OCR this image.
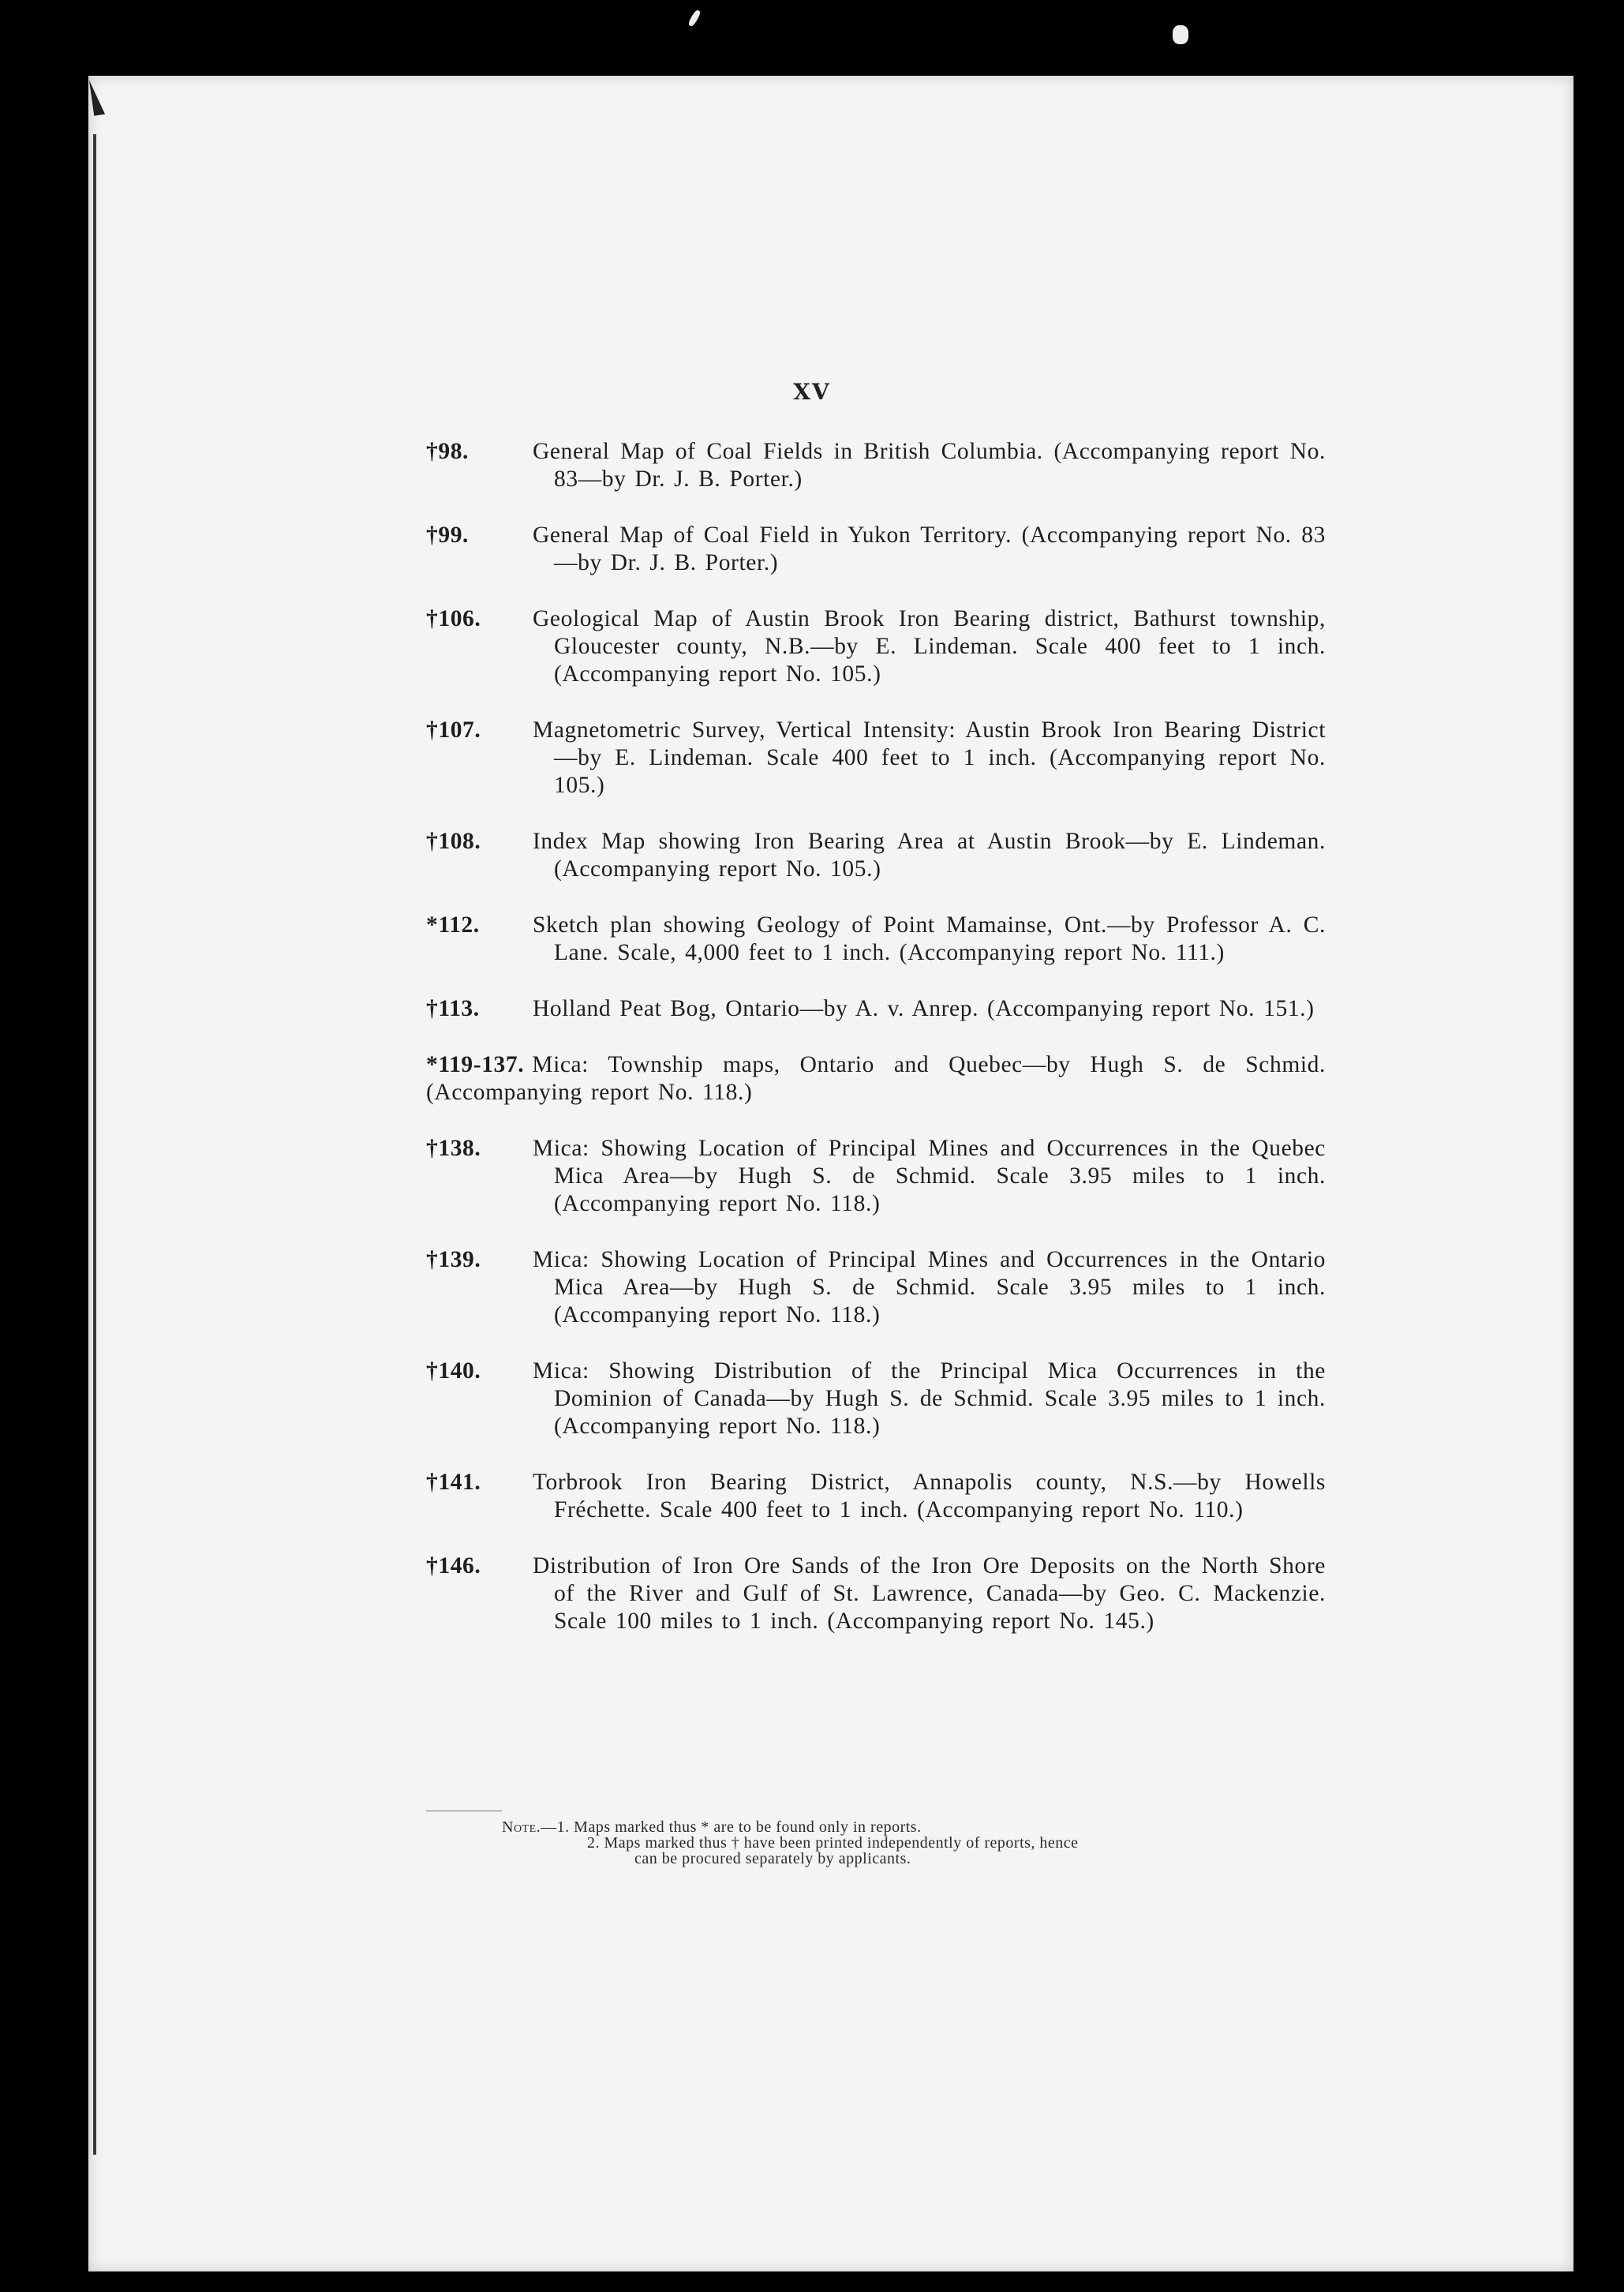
XV
†98.	General Map of Coal Fields in British Columbia. (Accompanying report No. 83—by Dr. J. B. Porter.)
†99.	General Map of Coal Field in Yukon Territory. (Accompanying report No. 83—by Dr. J. B. Porter.)
†106. Geological Map of Austin Brook Iron Bearing district, Bathurst township, Gloucester county, N.B.—by E. Lindeman. Scale 400 feet to 1 inch. (Accompanying report No. 105.)
†107. Magnetometric Survey, Vertical Intensity: Austin Brook Iron Bearing District—by E. Lindeman. Scale 400 feet to 1 inch. (Accompanying report No. 105.)
†108. Index Map showing Iron Bearing Area at Austin Brook—by E. Lindeman. (Accompanying report No. 105.)
*112. Sketch plan showing Geology of Point Mamainse, Ont.—by Professor A. C. Lane. Scale, 4,000 feet to 1 inch. (Accompanying report No. 111.)
†113. Holland Peat Bog, Ontario—by A. v. Anrep. (Accompanying report No. 151.)
*119-137. Mica: Township maps, Ontario and Quebec—by Hugh S. de Schmid. (Accompanying report No. 118.)
†138. Mica: Showing Location of Principal Mines and Occurrences in the Quebec Mica Area—by Hugh S. de Schmid. Scale 3.95 miles to 1 inch. (Accompanying report No. 118.)
†139. Mica: Showing Location of Principal Mines and Occurrences in the Ontario Mica Area—by Hugh S. de Schmid. Scale 3.95 miles to 1 inch. (Accompanying report No. 118.)
†140. Mica: Showing Distribution of the Principal Mica Occurrences in the Dominion of Canada—by Hugh S. de Schmid. Scale 3.95 miles to 1 inch. (Accompanying report No. 118.)
†141. Torbrook Iron Bearing District, Annapolis county, N.S.—by Howells Fréchette. Scale 400 feet to 1 inch. (Accompanying report No. 110.)
†146. Distribution of Iron Ore Sands of the Iron Ore Deposits on the North Shore of the River and Gulf of St. Lawrence, Canada—by Geo. C. Mackenzie. Scale 100 miles to 1 inch. (Accompanying report No. 145.)
Note.—1. Maps marked thus * are to be found only in reports.
2. Maps marked thus † have been printed independently of reports, hence
can be procured separately by applicants.
